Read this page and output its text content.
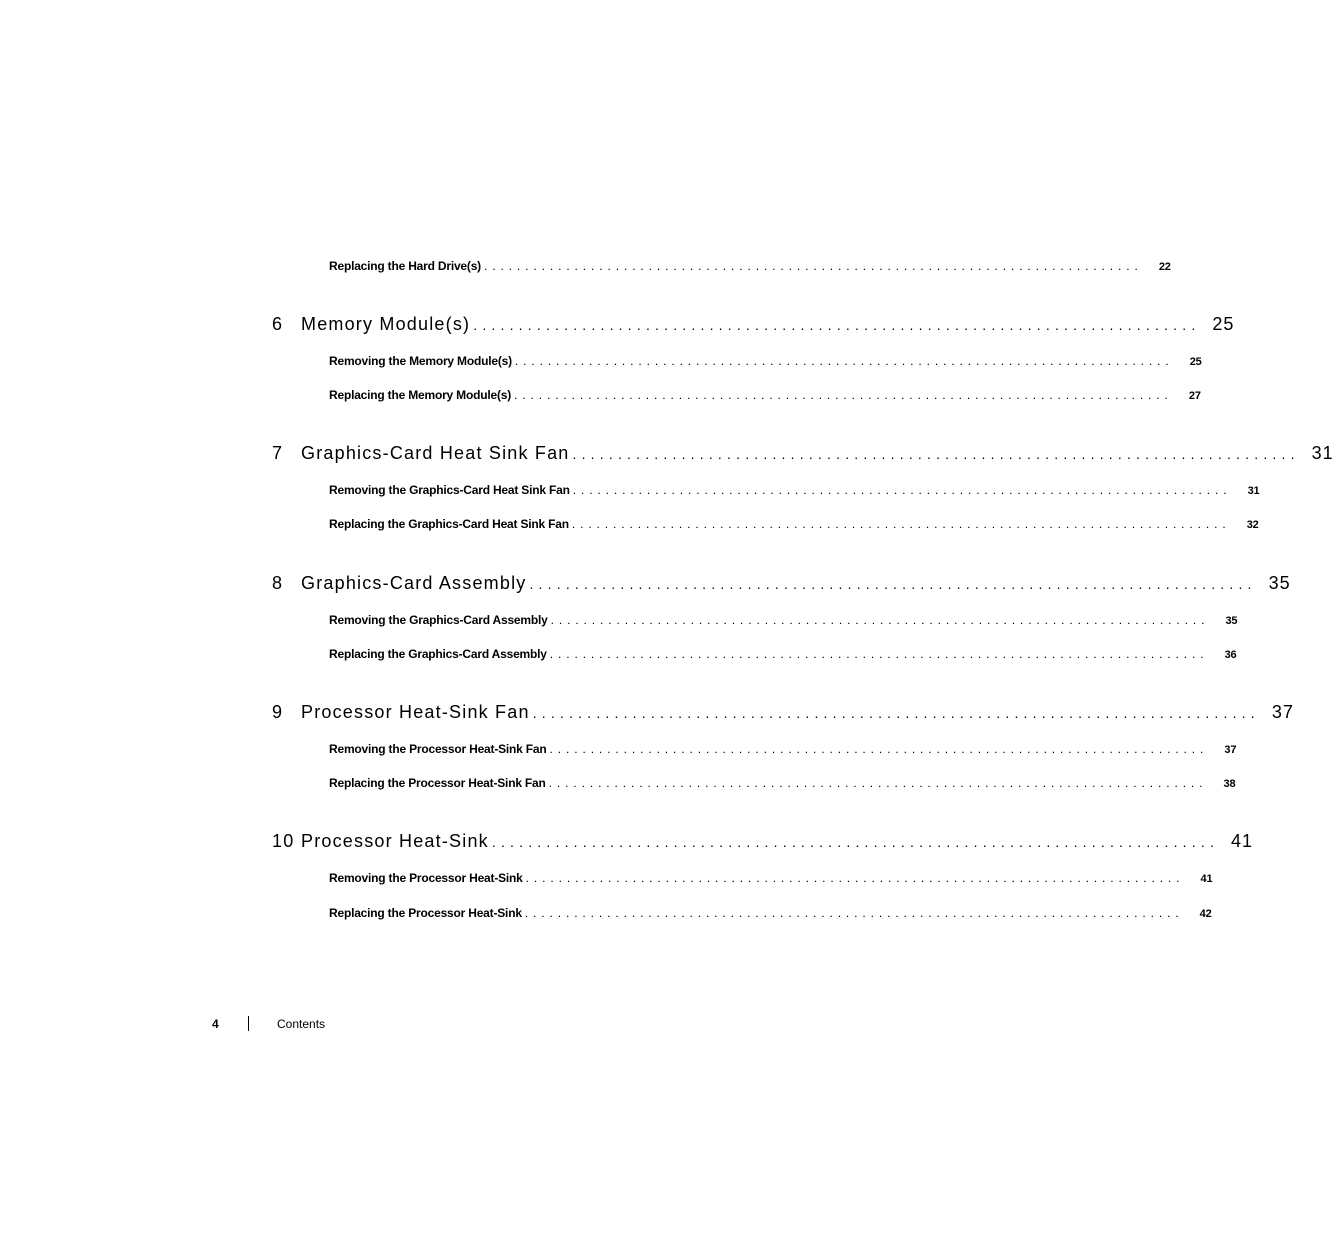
Replacing the Hard Drive(s) ................................................................................	22
6 Memory Module(s) ................................................................................ 25
Removing the Memory Module(s) ................................................................................	25
Replacing the Memory Module(s) ................................................................................	27
7 Graphics-Card Heat Sink Fan ................................................................................ 31
Removing the Graphics-Card Heat Sink Fan ................................................................................	31
Replacing the Graphics-Card Heat Sink Fan ................................................................................	32
8 Graphics-Card Assembly ................................................................................ 35
Removing the Graphics-Card Assembly ................................................................................	35
Replacing the Graphics-Card Assembly ................................................................................	36
9 Processor Heat-Sink Fan ................................................................................ 37
Removing the Processor Heat-Sink Fan ................................................................................	37
Replacing the Processor Heat-Sink Fan ................................................................................	38
10 Processor Heat-Sink ................................................................................ 41
Removing the Processor Heat-Sink ................................................................................	41
Replacing the Processor Heat-Sink ................................................................................	42
4	Contents
